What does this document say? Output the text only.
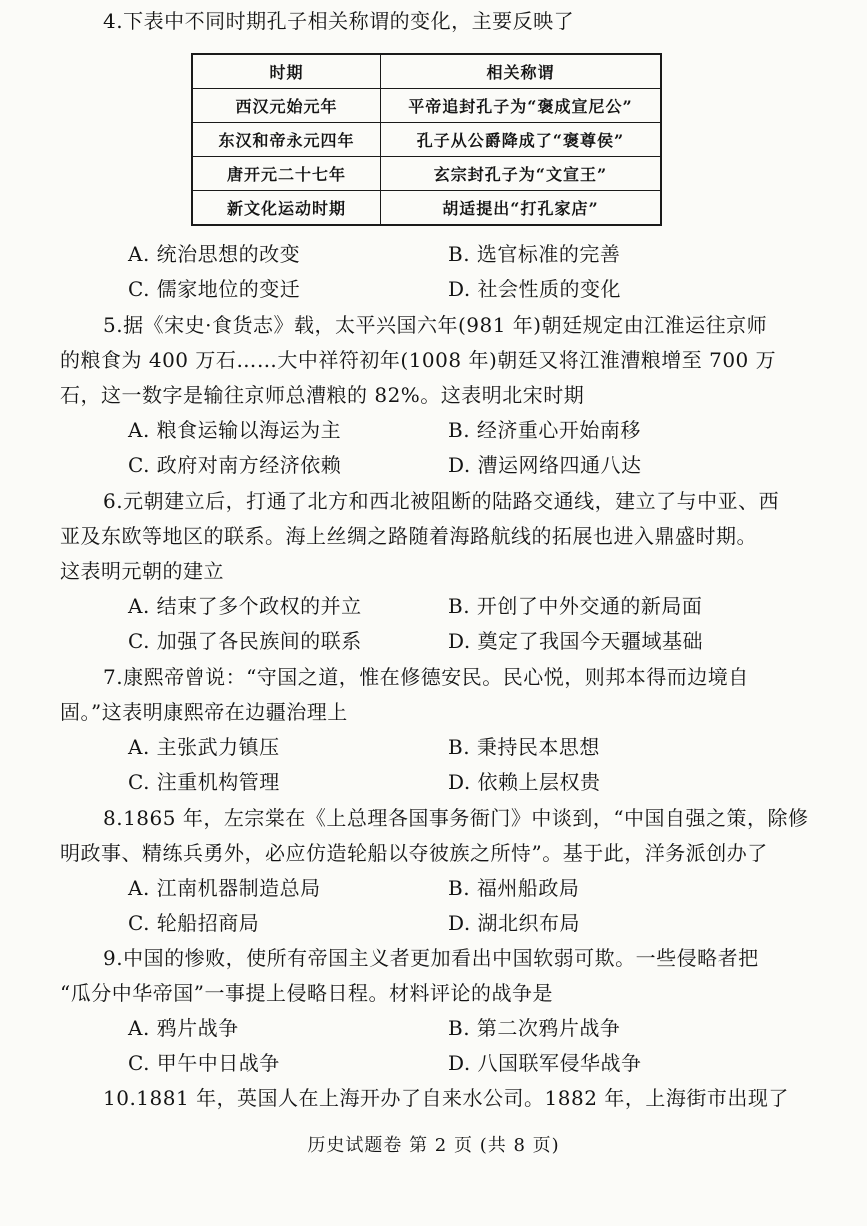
4.下表中不同时期孔子相关称谓的变化，主要反映了
时期	相关称谓
西汉元始元年	平帝追封孔子为“褒成宣尼公”
东汉和帝永元四年	孔子从公爵降成了“褒尊侯”
唐开元二十七年	玄宗封孔子为“文宣王”
新文化运动时期	胡适提出“打孔家店”
A. 统治思想的改变	B. 选官标准的完善
C. 儒家地位的变迁	D. 社会性质的变化
5.据《宋史·食货志》载，太平兴国六年(981 年)朝廷规定由江淮运往京师
的粮食为 400 万石……大中祥符初年(1008 年)朝廷又将江淮漕粮增至 700 万
石，这一数字是输往京师总漕粮的 82%。这表明北宋时期
A. 粮食运输以海运为主	B. 经济重心开始南移
C. 政府对南方经济依赖	D. 漕运网络四通八达
6.元朝建立后，打通了北方和西北被阻断的陆路交通线，建立了与中亚、西
亚及东欧等地区的联系。海上丝绸之路随着海路航线的拓展也进入鼎盛时期。
这表明元朝的建立
A. 结束了多个政权的并立	B. 开创了中外交通的新局面
C. 加强了各民族间的联系	D. 奠定了我国今天疆域基础
7.康熙帝曾说：“守国之道，惟在修德安民。民心悦，则邦本得而边境自
固。”这表明康熙帝在边疆治理上
A. 主张武力镇压	B. 秉持民本思想
C. 注重机构管理	D. 依赖上层权贵
8.1865 年，左宗棠在《上总理各国事务衙门》中谈到，“中国自强之策，除修
明政事、精练兵勇外，必应仿造轮船以夺彼族之所恃”。基于此，洋务派创办了
A. 江南机器制造总局	B. 福州船政局
C. 轮船招商局	D. 湖北织布局
9.中国的惨败，使所有帝国主义者更加看出中国软弱可欺。一些侵略者把
“瓜分中华帝国”一事提上侵略日程。材料评论的战争是
A. 鸦片战争	B. 第二次鸦片战争
C. 甲午中日战争	D. 八国联军侵华战争
10.1881 年，英国人在上海开办了自来水公司。1882 年，上海街市出现了
历史试题卷 第 2 页 (共 8 页)
